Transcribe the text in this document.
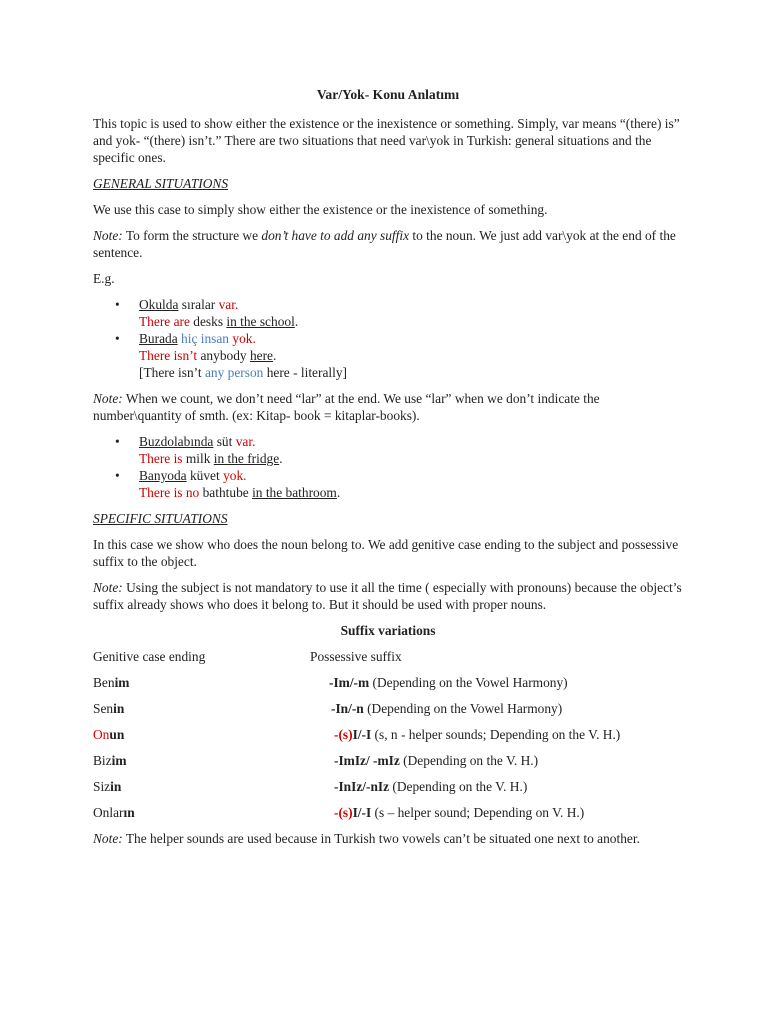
Var/Yok- Konu Anlatımı

This topic is used to show either the existence or the inexistence or something. Simply, var means “(there) is” and yok- “(there) isn’t.” There are two situations that need var\yok in Turkish: general situations and the specific ones.

GENERAL SITUATIONS

We use this case to simply show either the existence or the inexistence of something.

Note: To form the structure we don’t have to add any suffix to the noun. We just add var\yok at the end of the sentence.

E.g.

• Okulda sıralar var.
There are desks in the school.
• Burada hiç insan yok.
There isn’t anybody here.
[There isn’t any person here - literally]

Note: When we count, we don’t need “lar” at the end. We use “lar” when we don’t indicate the number\quantity of smth. (ex: Kitap- book = kitaplar-books).

• Buzdolabında süt var.
There is milk in the fridge.
• Banyoda küvet yok.
There is no bathtube in the bathroom.

SPECIFIC SITUATIONS

In this case we show who does the noun belong to. We add genitive case ending to the subject and possessive suffix to the object.

Note: Using the subject is not mandatory to use it all the time ( especially with pronouns) because the object’s suffix already shows who does it belong to. But it should be used with proper nouns.

Suffix variations

Genitive case ending	Possessive suffix
Benim	-Im/-m (Depending on the Vowel Harmony)
Senin	-In/-n (Depending on the Vowel Harmony)
Onun	-(s)I/-I (s, n - helper sounds; Depending on the V. H.)
Bizim	-ImIz/ -mIz (Depending on the V. H.)
Sizin	-InIz/-nIz (Depending on the V. H.)
Onların	-(s)I/-I (s – helper sound; Depending on V. H.)

Note: The helper sounds are used because in Turkish two vowels can’t be situated one next to another.
